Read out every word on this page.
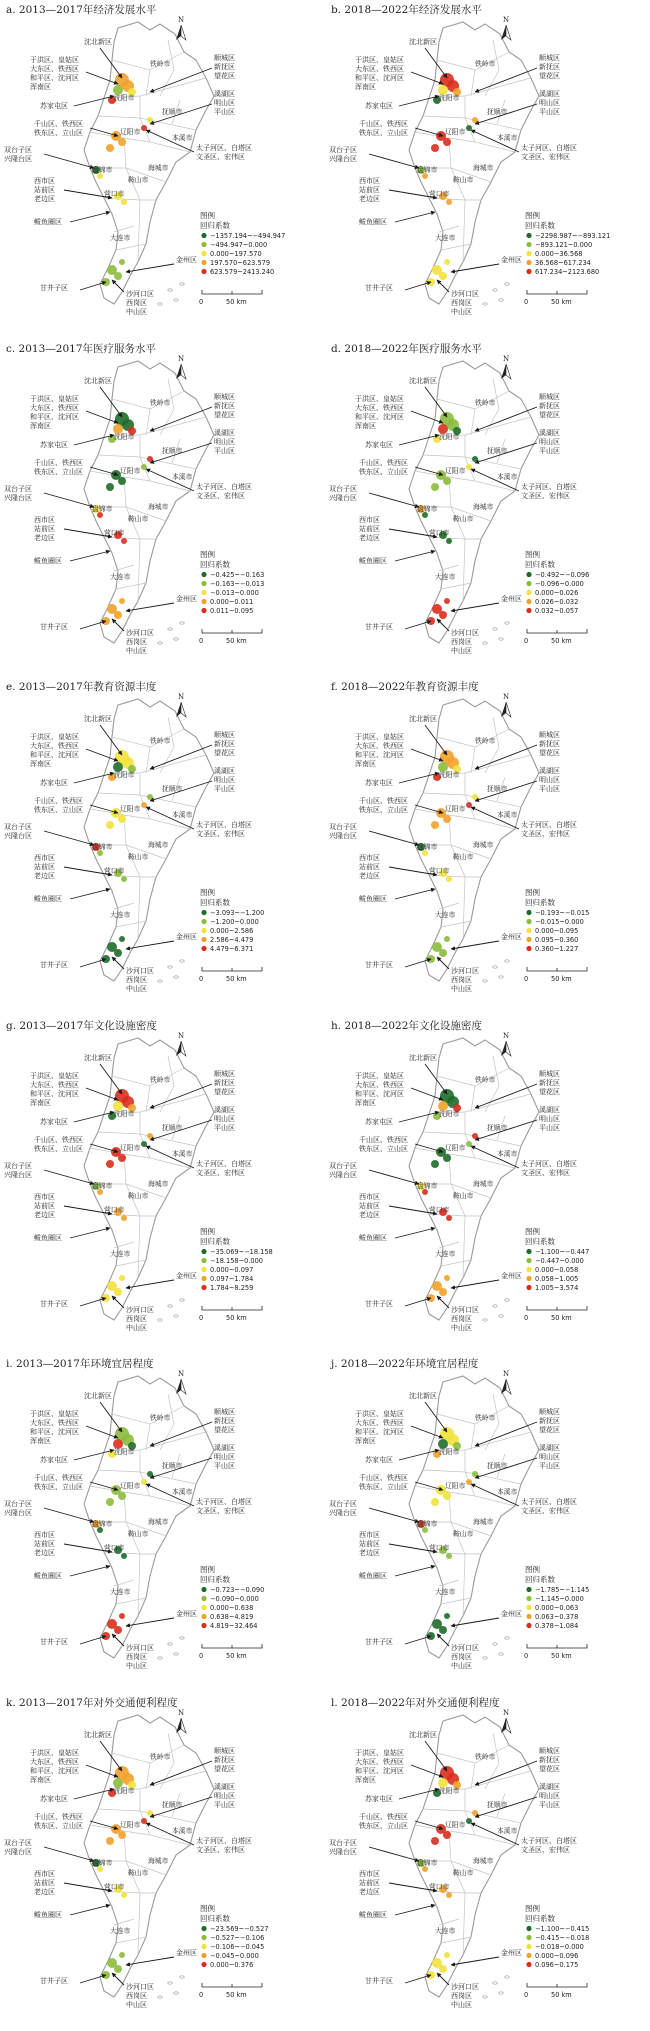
沈北新区
于洪区、皇姑区
大东区、铁西区
和平区、沈河区
浑南区
苏家屯区
千山区、铁西区
铁东区、立山区
双台子区
兴隆台区
西市区
站前区
老边区
鲅鱼圈区
甘井子区
顺城区
新抚区
望花区
溪湖区
明山区
平山区
太子河区、白塔区
文圣区、宏伟区
沙河口区
西岗区
中山区
金州区
铁岭市
沈阳市
抚顺市
本溪市
辽阳市
鞍山市
盘锦市
营口市
海城市
大连市
N
图例
回归系数
−1357.194~−494.947
−494.947~0.000
0.000~197.570
197.570~623.579
623.579~2413.240
0	50 km
a. 2013—2017年经济发展水平
沈北新区
于洪区、皇姑区
大东区、铁西区
和平区、沈河区
浑南区
苏家屯区
千山区、铁西区
铁东区、立山区
双台子区
兴隆台区
西市区
站前区
老边区
鲅鱼圈区
甘井子区
顺城区
新抚区
望花区
溪湖区
明山区
平山区
太子河区、白塔区
文圣区、宏伟区
沙河口区
西岗区
中山区
金州区
铁岭市
沈阳市
抚顺市
本溪市
辽阳市
鞍山市
盘锦市
营口市
海城市
大连市
N
图例
回归系数
−2298.987~−893.121
−893.121~0.000
0.000~36.568
36.568~617.234
617.234~2123.680
0	50 km
b. 2018—2022年经济发展水平
沈北新区
于洪区、皇姑区
大东区、铁西区
和平区、沈河区
浑南区
苏家屯区
千山区、铁西区
铁东区、立山区
双台子区
兴隆台区
西市区
站前区
老边区
鲅鱼圈区
甘井子区
顺城区
新抚区
望花区
溪湖区
明山区
平山区
太子河区、白塔区
文圣区、宏伟区
沙河口区
西岗区
中山区
金州区
铁岭市
沈阳市
抚顺市
本溪市
辽阳市
鞍山市
盘锦市
营口市
海城市
大连市
N
图例
回归系数
−0.425~−0.163
−0.163~−0.013
−0.013~0.000
0.000~0.011
0.011~0.095
0	50 km
c. 2013—2017年医疗服务水平
沈北新区
于洪区、皇姑区
大东区、铁西区
和平区、沈河区
浑南区
苏家屯区
千山区、铁西区
铁东区、立山区
双台子区
兴隆台区
西市区
站前区
老边区
鲅鱼圈区
甘井子区
顺城区
新抚区
望花区
溪湖区
明山区
平山区
太子河区、白塔区
文圣区、宏伟区
沙河口区
西岗区
中山区
金州区
铁岭市
沈阳市
抚顺市
本溪市
辽阳市
鞍山市
盘锦市
营口市
海城市
大连市
N
图例
回归系数
−0.492~−0.096
−0.096~0.000
0.000~0.026
0.026~0.032
0.032~0.057
0	50 km
d. 2018—2022年医疗服务水平
沈北新区
于洪区、皇姑区
大东区、铁西区
和平区、沈河区
浑南区
苏家屯区
千山区、铁西区
铁东区、立山区
双台子区
兴隆台区
西市区
站前区
老边区
鲅鱼圈区
甘井子区
顺城区
新抚区
望花区
溪湖区
明山区
平山区
太子河区、白塔区
文圣区、宏伟区
沙河口区
西岗区
中山区
金州区
铁岭市
沈阳市
抚顺市
本溪市
辽阳市
鞍山市
盘锦市
营口市
海城市
大连市
N
图例
回归系数
−3.093~−1.200
−1.200~0.000
0.000~2.586
2.586~4.479
4.479~6.371
0	50 km
e. 2013—2017年教育资源丰度
沈北新区
于洪区、皇姑区
大东区、铁西区
和平区、沈河区
浑南区
苏家屯区
千山区、铁西区
铁东区、立山区
双台子区
兴隆台区
西市区
站前区
老边区
鲅鱼圈区
甘井子区
顺城区
新抚区
望花区
溪湖区
明山区
平山区
太子河区、白塔区
文圣区、宏伟区
沙河口区
西岗区
中山区
金州区
铁岭市
沈阳市
抚顺市
本溪市
辽阳市
鞍山市
盘锦市
营口市
海城市
大连市
N
图例
回归系数
−0.193~−0.015
−0.015~0.000
0.000~0.095
0.095~0.360
0.360~1.227
0	50 km
f. 2018—2022年教育资源丰度
沈北新区
于洪区、皇姑区
大东区、铁西区
和平区、沈河区
浑南区
苏家屯区
千山区、铁西区
铁东区、立山区
双台子区
兴隆台区
西市区
站前区
老边区
鲅鱼圈区
甘井子区
顺城区
新抚区
望花区
溪湖区
明山区
平山区
太子河区、白塔区
文圣区、宏伟区
沙河口区
西岗区
中山区
金州区
铁岭市
沈阳市
抚顺市
本溪市
辽阳市
鞍山市
盘锦市
营口市
海城市
大连市
N
图例
回归系数
−35.069~−18.158
−18.158~0.000
0.000~0.097
0.097~1.784
1.784~8.259
0	50 km
g. 2013—2017年文化设施密度
沈北新区
于洪区、皇姑区
大东区、铁西区
和平区、沈河区
浑南区
苏家屯区
千山区、铁西区
铁东区、立山区
双台子区
兴隆台区
西市区
站前区
老边区
鲅鱼圈区
甘井子区
顺城区
新抚区
望花区
溪湖区
明山区
平山区
太子河区、白塔区
文圣区、宏伟区
沙河口区
西岗区
中山区
金州区
铁岭市
沈阳市
抚顺市
本溪市
辽阳市
鞍山市
盘锦市
营口市
海城市
大连市
N
图例
回归系数
−1.100~−0.447
−0.447~0.000
0.000~0.058
0.058~1.005
1.005~3.574
0	50 km
h. 2018—2022年文化设施密度
沈北新区
于洪区、皇姑区
大东区、铁西区
和平区、沈河区
浑南区
苏家屯区
千山区、铁西区
铁东区、立山区
双台子区
兴隆台区
西市区
站前区
老边区
鲅鱼圈区
甘井子区
顺城区
新抚区
望花区
溪湖区
明山区
平山区
太子河区、白塔区
文圣区、宏伟区
沙河口区
西岗区
中山区
金州区
铁岭市
沈阳市
抚顺市
本溪市
辽阳市
鞍山市
盘锦市
营口市
海城市
大连市
N
图例
回归系数
−0.723~−0.090
−0.090~0.000
0.000~0.638
0.638~4.819
4.819~32.464
0	50 km
i. 2013—2017年环境宜居程度
沈北新区
于洪区、皇姑区
大东区、铁西区
和平区、沈河区
浑南区
苏家屯区
千山区、铁西区
铁东区、立山区
双台子区
兴隆台区
西市区
站前区
老边区
鲅鱼圈区
甘井子区
顺城区
新抚区
望花区
溪湖区
明山区
平山区
太子河区、白塔区
文圣区、宏伟区
沙河口区
西岗区
中山区
金州区
铁岭市
沈阳市
抚顺市
本溪市
辽阳市
鞍山市
盘锦市
营口市
海城市
大连市
N
图例
回归系数
−1.785~−1.145
−1.145~0.000
0.000~0.063
0.063~0.378
0.378~1.084
0	50 km
j. 2018—2022年环境宜居程度
沈北新区
于洪区、皇姑区
大东区、铁西区
和平区、沈河区
浑南区
苏家屯区
千山区、铁西区
铁东区、立山区
双台子区
兴隆台区
西市区
站前区
老边区
鲅鱼圈区
甘井子区
顺城区
新抚区
望花区
溪湖区
明山区
平山区
太子河区、白塔区
文圣区、宏伟区
沙河口区
西岗区
中山区
金州区
铁岭市
沈阳市
抚顺市
本溪市
辽阳市
鞍山市
盘锦市
营口市
海城市
大连市
N
图例
回归系数
−23.569~−0.527
−0.527~−0.106
−0.106~−0.045
−0.045~0.000
0.000~0.376
0	50 km
k. 2013—2017年对外交通便利程度
沈北新区
于洪区、皇姑区
大东区、铁西区
和平区、沈河区
浑南区
苏家屯区
千山区、铁西区
铁东区、立山区
双台子区
兴隆台区
西市区
站前区
老边区
鲅鱼圈区
甘井子区
顺城区
新抚区
望花区
溪湖区
明山区
平山区
太子河区、白塔区
文圣区、宏伟区
沙河口区
西岗区
中山区
金州区
铁岭市
沈阳市
抚顺市
本溪市
辽阳市
鞍山市
盘锦市
营口市
海城市
大连市
N
图例
回归系数
−1.100~−0.415
−0.415~−0.018
−0.018~0.000
0.000~0.096
0.096~0.175
0	50 km
l. 2018—2022年对外交通便利程度
